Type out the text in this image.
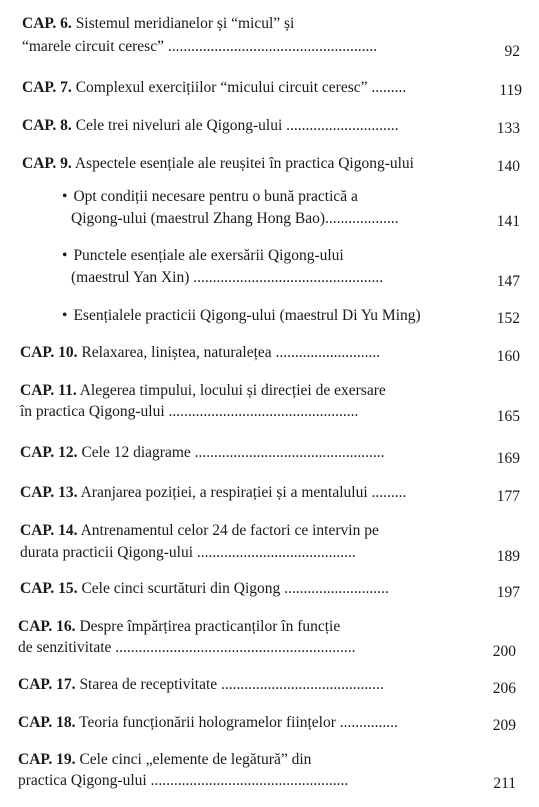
CAP. 6. Sistemul meridianelor și “micul” și
“marele circuit ceresc” ......................................................	92
CAP. 7. Complexul exercițiilor “micului circuit ceresc” .........	119
CAP. 8. Cele trei niveluri ale Qigong-ului .............................	133
CAP. 9. Aspectele esențiale ale reușitei în practica Qigong-ului	140
• Opt condiții necesare pentru o bună practică a
Qigong-ului (maestrul Zhang Hong Bao)...................	141
• Punctele esențiale ale exersării Qigong-ului
(maestrul Yan Xin) .................................................	147
• Esențialele practicii Qigong-ului (maestrul Di Yu Ming)	152
CAP. 10. Relaxarea, liniștea, naturalețea ...........................	160
CAP. 11. Alegerea timpului, locului și direcției de exersare
în practica Qigong-ului .................................................	165
CAP. 12. Cele 12 diagrame .................................................	169
CAP. 13. Aranjarea poziției, a respirației și a mentalului .........	177
CAP. 14. Antrenamentul celor 24 de factori ce intervin pe
durata practicii Qigong-ului .........................................	189
CAP. 15. Cele cinci scurtături din Qigong ...........................	197
CAP. 16. Despre împărțirea practicanților în funcție
de senzitivitate ..............................................................	200
CAP. 17. Starea de receptivitate ..........................................	206
CAP. 18. Teoria funcționării hologramelor ființelor ...............	209
CAP. 19. Cele cinci „elemente de legătură” din
practica Qigong-ului ...................................................	211
